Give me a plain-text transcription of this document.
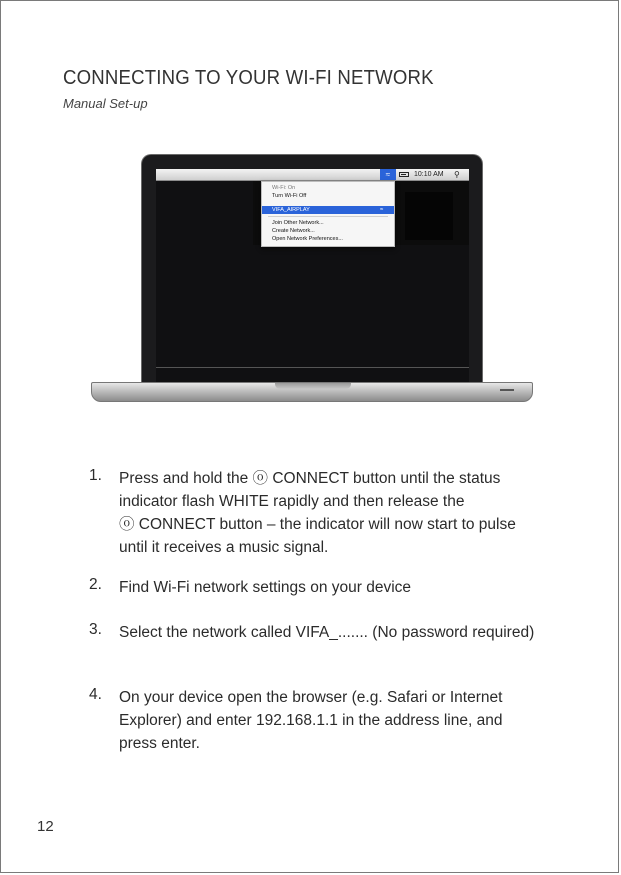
CONNECTING TO YOUR WI-FI NETWORK
Manual Set-up
≈	10:10 AM ⚲
Wi-Fi: On
Turn Wi-Fi Off
VIFA_AIRPLAY	≈
Join Other Network...
Create Network...
Open Network Preferences...
1. Press and hold the ⓞ CONNECT button until the status
indicator flash WHITE rapidly and then release the
ⓞ CONNECT button – the indicator will now start to pulse
until it receives a music signal.
2. Find Wi-Fi network settings on your device
3. Select the network called VIFA_....... (No password required)
4. On your device open the browser (e.g. Safari or Internet
Explorer) and enter 192.168.1.1 in the address line, and
press enter.
12
